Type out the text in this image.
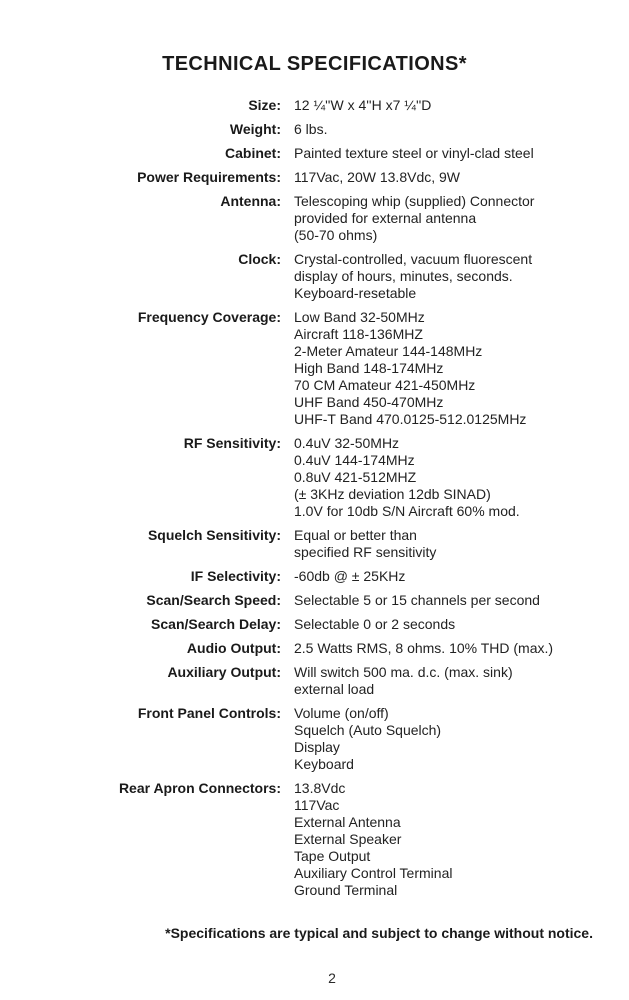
TECHNICAL SPECIFICATIONS*
Size: 12 ¼''W x 4''H x7 ¼''D
Weight: 6 lbs.
Cabinet: Painted texture steel or vinyl-clad steel
Power Requirements: 117Vac, 20W 13.8Vdc, 9W
Antenna: Telescoping whip (supplied) Connector
provided for external antenna
(50-70 ohms)
Clock: Crystal-controlled, vacuum fluorescent
display of hours, minutes, seconds.
Keyboard-resetable
Frequency Coverage: Low Band 32-50MHz
Aircraft 118-136MHZ
2-Meter Amateur 144-148MHz
High Band 148-174MHz
70 CM Amateur 421-450MHz
UHF Band 450-470MHz
UHF-T Band 470.0125-512.0125MHz
RF Sensitivity: 0.4uV 32-50MHz
0.4uV 144-174MHz
0.8uV 421-512MHZ
(± 3KHz deviation 12db SINAD)
1.0V for 10db S/N Aircraft 60% mod.
Squelch Sensitivity: Equal or better than
specified RF sensitivity
IF Selectivity: -60db @ ± 25KHz
Scan/Search Speed: Selectable 5 or 15 channels per second
Scan/Search Delay: Selectable 0 or 2 seconds
Audio Output: 2.5 Watts RMS, 8 ohms. 10% THD (max.)
Auxiliary Output: Will switch 500 ma. d.c. (max. sink)
external load
Front Panel Controls: Volume (on/off)
Squelch (Auto Squelch)
Display
Keyboard
Rear Apron Connectors: 13.8Vdc
117Vac
External Antenna
External Speaker
Tape Output
Auxiliary Control Terminal
Ground Terminal
*Specifications are typical and subject to change without notice.
2
